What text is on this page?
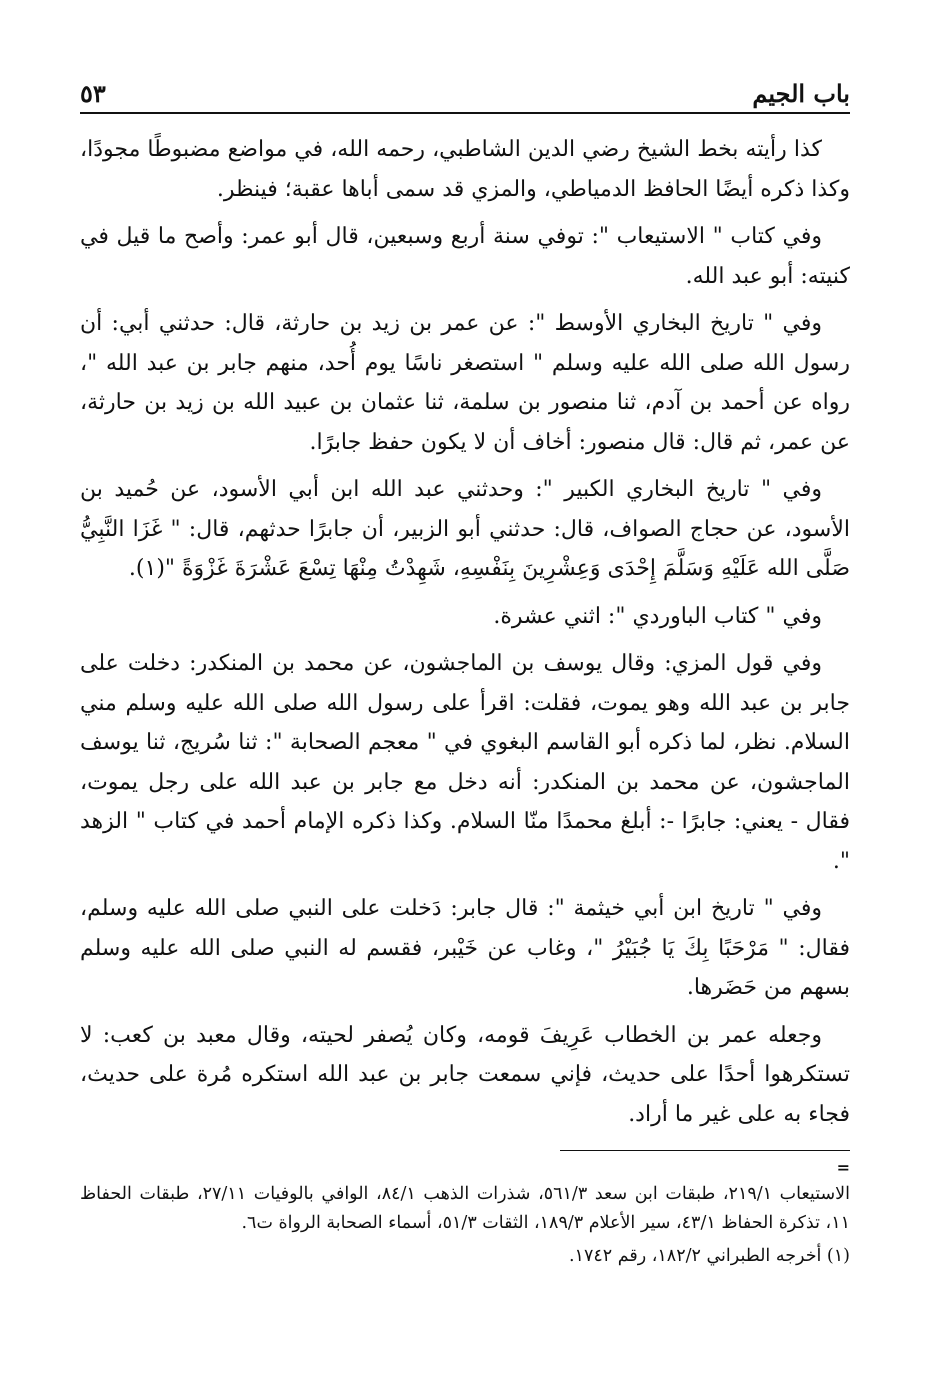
باب الجيم
٥٣

كذا رأيته بخط الشيخ رضي الدين الشاطبي، رحمه الله، في مواضع مضبوطًا مجودًا، وكذا ذكره أيضًا الحافظ الدمياطي، والمزي قد سمى أباها عقبة؛ فينظر.

وفي كتاب " الاستيعاب ": توفي سنة أربع وسبعين، قال أبو عمر: وأصح ما قيل في كنيته: أبو عبد الله.

وفي " تاريخ البخاري الأوسط ": عن عمر بن زيد بن حارثة، قال: حدثني أبي: أن رسول الله صلى الله عليه وسلم " استصغر ناسًا يوم أُحد، منهم جابر بن عبد الله "، رواه عن أحمد بن آدم، ثنا منصور بن سلمة، ثنا عثمان بن عبيد الله بن زيد بن حارثة، عن عمر، ثم قال: قال منصور: أخاف أن لا يكون حفظ جابرًا.

وفي " تاريخ البخاري الكبير ": وحدثني عبد الله ابن أبي الأسود، عن حُميد بن الأسود، عن حجاج الصواف، قال: حدثني أبو الزبير، أن جابرًا حدثهم، قال: " غَزَا النَّبِيُّ صَلَّى الله عَلَيْهِ وَسَلَّمَ إِحْدَى وَعِشْرِينَ بِنَفْسِهِ، شَهِدْتُ مِنْهَا تِسْعَ عَشْرَةَ غَزْوَةً "(١).

وفي " كتاب الباوردي ": اثني عشرة.

وفي قول المزي: وقال يوسف بن الماجشون، عن محمد بن المنكدر: دخلت على جابر بن عبد الله وهو يموت، فقلت: اقرأ على رسول الله صلى الله عليه وسلم مني السلام. نظر، لما ذكره أبو القاسم البغوي في " معجم الصحابة ": ثنا سُريج، ثنا يوسف الماجشون، عن محمد بن المنكدر: أنه دخل مع جابر بن عبد الله على رجل يموت، فقال - يعني: جابرًا -: أبلغ محمدًا منّا السلام. وكذا ذكره الإمام أحمد في كتاب " الزهد ".

وفي " تاريخ ابن أبي خيثمة ": قال جابر: دَخلت على النبي صلى الله عليه وسلم، فقال: " مَرْحَبًا بِكَ يَا جُبَيْرُ "، وغاب عن خَيْبر، فقسم له النبي صلى الله عليه وسلم بسهم من حَضَرها.

وجعله عمر بن الخطاب عَرِيفَ قومه، وكان يُصفر لحيته، وقال معبد بن كعب: لا تستكرهوا أحدًا على حديث، فإني سمعت جابر بن عبد الله استكره مُرة على حديث، فجاء به على غير ما أراد.

=

الاستيعاب ٢١٩/١، طبقات ابن سعد ٥٦١/٣، شذرات الذهب ٨٤/١، الوافي بالوفيات ٢٧/١١، طبقات الحفاظ ١١، تذكرة الحفاظ ٤٣/١، سير الأعلام ١٨٩/٣، الثقات ٥١/٣، أسماء الصحابة الرواة ت٦.

(١) أخرجه الطبراني ١٨٢/٢، رقم ١٧٤٢.
